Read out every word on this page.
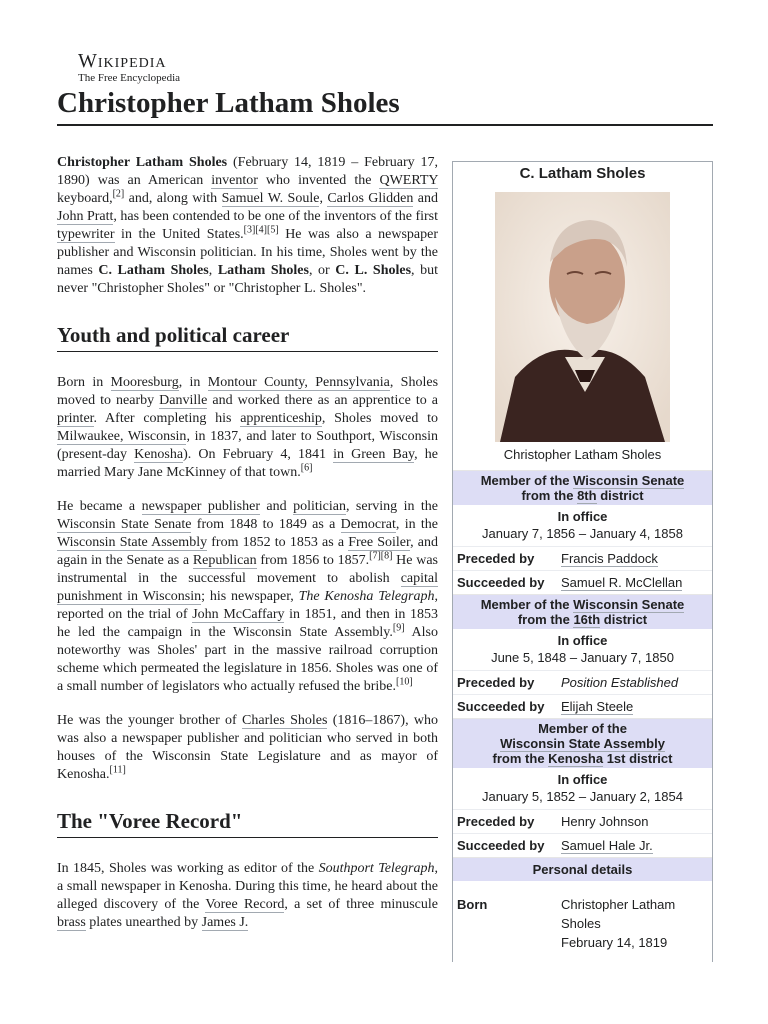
Wikipedia
The Free Encyclopedia
Christopher Latham Sholes

Christopher Latham Sholes (February 14, 1819 – February 17, 1890) was an American inventor who invented the QWERTY keyboard,[2] and, along with Samuel W. Soule, Carlos Glidden and John Pratt, has been contended to be one of the inventors of the first typewriter in the United States.[3][4][5] He was also a newspaper publisher and Wisconsin politician. In his time, Sholes went by the names C. Latham Sholes, Latham Sholes, or C. L. Sholes, but never "Christopher Sholes" or "Christopher L. Sholes".

Youth and political career

Born in Mooresburg, in Montour County, Pennsylvania, Sholes moved to nearby Danville and worked there as an apprentice to a printer. After completing his apprenticeship, Sholes moved to Milwaukee, Wisconsin, in 1837, and later to Southport, Wisconsin (present-day Kenosha). On February 4, 1841 in Green Bay, he married Mary Jane McKinney of that town.[6]

He became a newspaper publisher and politician, serving in the Wisconsin State Senate from 1848 to 1849 as a Democrat, in the Wisconsin State Assembly from 1852 to 1853 as a Free Soiler, and again in the Senate as a Republican from 1856 to 1857.[7][8] He was instrumental in the successful movement to abolish capital punishment in Wisconsin; his newspaper, The Kenosha Telegraph, reported on the trial of John McCaffary in 1851, and then in 1853 he led the campaign in the Wisconsin State Assembly.[9] Also noteworthy was Sholes' part in the massive railroad corruption scheme which permeated the legislature in 1856. Sholes was one of a small number of legislators who actually refused the bribe.[10]

He was the younger brother of Charles Sholes (1816–1867), who was also a newspaper publisher and politician who served in both houses of the Wisconsin State Legislature and as mayor of Kenosha.[11]

The "Voree Record"

In 1845, Sholes was working as editor of the Southport Telegraph, a small newspaper in Kenosha. During this time, he heard about the alleged discovery of the Voree Record, a set of three minuscule brass plates unearthed by James J.

C. Latham Sholes
Christopher Latham Sholes
Member of the Wisconsin Senate
from the 8th district
In office
January 7, 1856 – January 4, 1858
Preceded by	Francis Paddock
Succeeded by	Samuel R. McClellan
Member of the Wisconsin Senate
from the 16th district
In office
June 5, 1848 – January 7, 1850
Preceded by	Position Established
Succeeded by	Elijah Steele
Member of the
Wisconsin State Assembly
from the Kenosha 1st district
In office
January 5, 1852 – January 2, 1854
Preceded by	Henry Johnson
Succeeded by	Samuel Hale Jr.
Personal details
Born	Christopher Latham Sholes
February 14, 1819
